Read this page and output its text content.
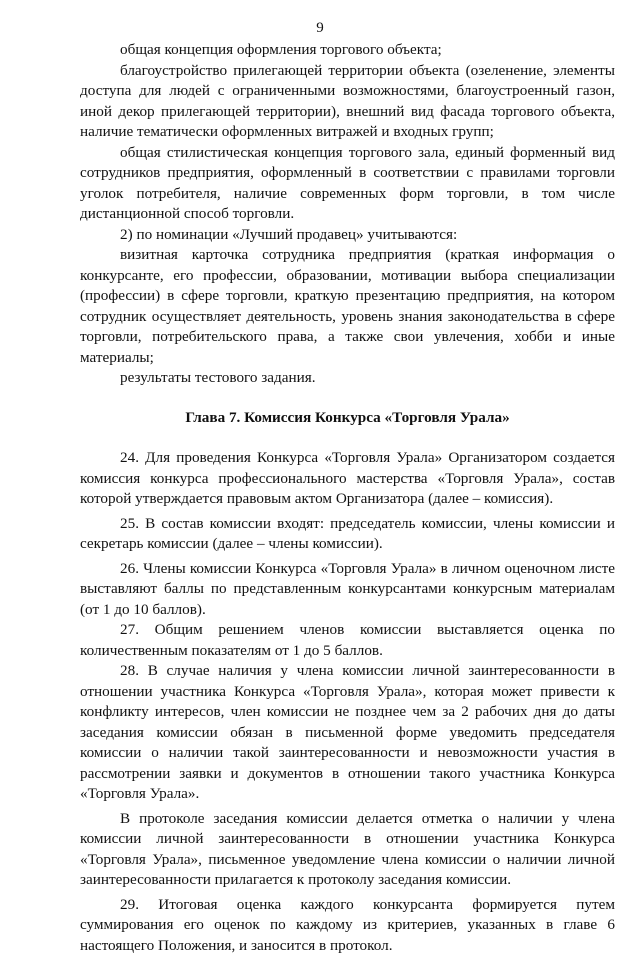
9

общая концепция оформления торгового объекта;

благоустройство прилегающей территории объекта (озеленение, элементы доступа для людей с ограниченными возможностями, благоустроенный газон, иной декор прилегающей территории), внешний вид фасада торгового объекта, наличие тематически оформленных витражей и входных групп;

общая стилистическая концепция торгового зала, единый форменный вид сотрудников предприятия, оформленный в соответствии с правилами торговли уголок потребителя, наличие современных форм торговли, в том числе дистанционной способ торговли.

2) по номинации «Лучший продавец» учитываются:

визитная карточка сотрудника предприятия (краткая информация о конкурсанте, его профессии, образовании, мотивации выбора специализации (профессии) в сфере торговли, краткую презентацию предприятия, на котором сотрудник осуществляет деятельность, уровень знания законодательства в сфере торговли, потребительского права, а также свои увлечения, хобби и иные материалы;

результаты тестового задания.

Глава 7. Комиссия Конкурса «Торговля Урала»

24. Для проведения Конкурса «Торговля Урала» Организатором создается комиссия конкурса профессионального мастерства «Торговля Урала», состав которой утверждается правовым актом Организатора (далее – комиссия).

25. В состав комиссии входят: председатель комиссии, члены комиссии и секретарь комиссии (далее – члены комиссии).

26. Члены комиссии Конкурса «Торговля Урала» в личном оценочном листе выставляют баллы по представленным конкурсантами конкурсным материалам (от 1 до 10 баллов).

27. Общим решением членов комиссии выставляется оценка по количественным показателям от 1 до 5 баллов.

28. В случае наличия у члена комиссии личной заинтересованности в отношении участника Конкурса «Торговля Урала», которая может привести к конфликту интересов, член комиссии не позднее чем за 2 рабочих дня до даты заседания комиссии обязан в письменной форме уведомить председателя комиссии о наличии такой заинтересованности и невозможности участия в рассмотрении заявки и документов в отношении такого участника Конкурса «Торговля Урала».

В протоколе заседания комиссии делается отметка о наличии у члена комиссии личной заинтересованности в отношении участника Конкурса «Торговля Урала», письменное уведомление члена комиссии о наличии личной заинтересованности прилагается к протоколу заседания комиссии.

29. Итоговая оценка каждого конкурсанта формируется путем суммирования его оценок по каждому из критериев, указанных в главе 6 настоящего Положения, и заносится в протокол.
